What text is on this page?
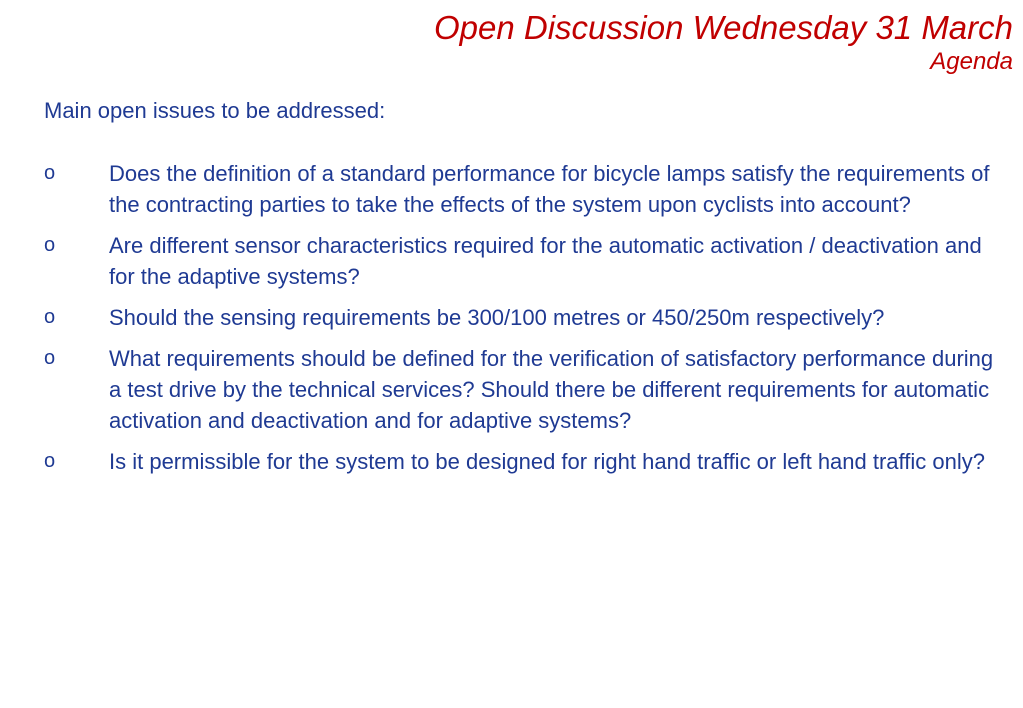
Open Discussion Wednesday 31 March
Agenda

Main open issues to be addressed:

o	Does the definition of a standard performance for bicycle lamps satisfy the requirements of the contracting parties to take the effects of the system upon cyclists into account?
o	Are different sensor characteristics required for the automatic activation / deactivation and for the adaptive systems?
o	Should the sensing requirements be 300/100 metres or 450/250m respectively?
o	What requirements should be defined for the verification of satisfactory performance during a test drive by the technical services? Should there be different requirements for automatic activation and deactivation and for adaptive systems?
o	Is it permissible for the system to be designed for right hand traffic or left hand traffic only?
